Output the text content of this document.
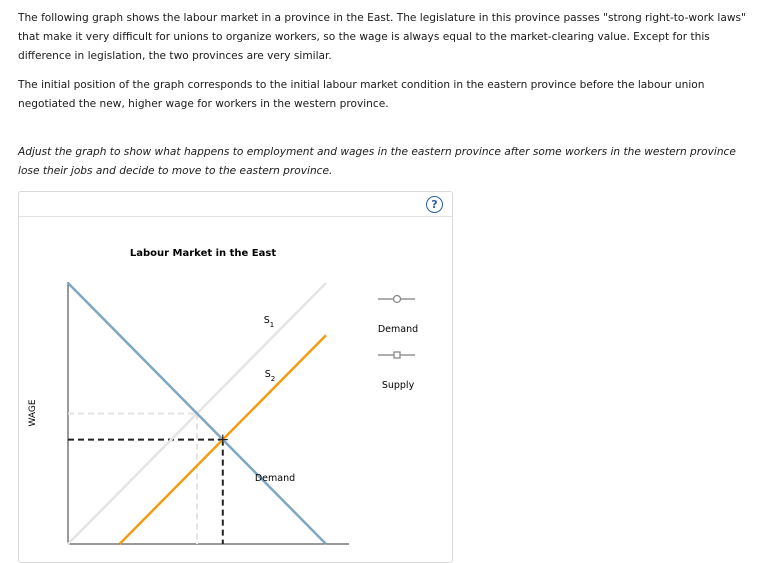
The following graph shows the labour market in a province in the East. The legislature in this province passes "strong right-to-work laws" that make it very difficult for unions to organize workers, so the wage is always equal to the market-clearing value. Except for this difference in legislation, the two provinces are very similar.

The initial position of the graph corresponds to the initial labour market condition in the eastern province before the labour union negotiated the new, higher wage for workers in the western province.

Adjust the graph to show what happens to employment and wages in the eastern province after some workers in the western province lose their jobs and decide to move to the eastern province.

?
Labour Market in the East
WAGE
$S_1$
$S_2$
Demand
Demand
Supply
